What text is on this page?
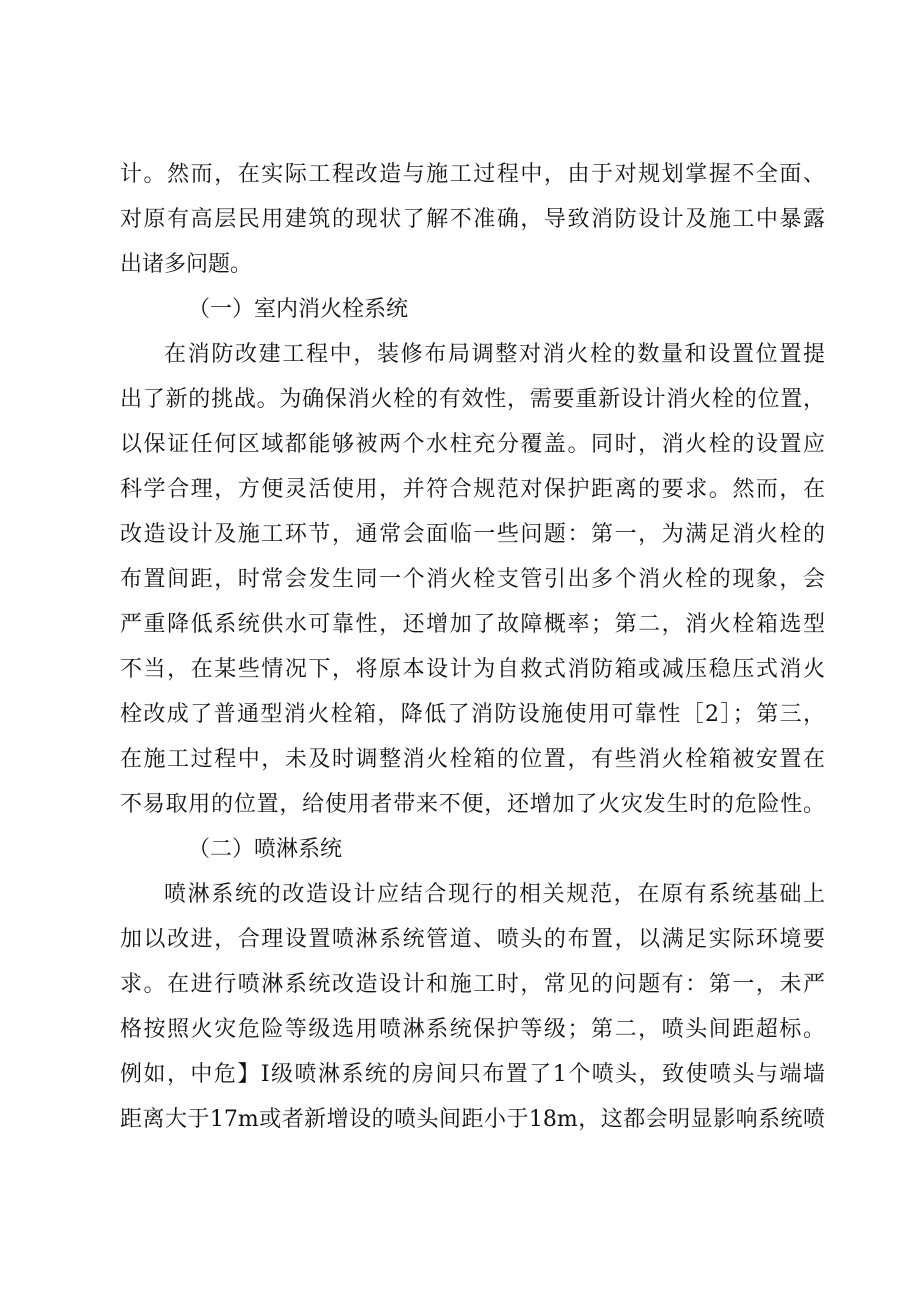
计。然而，在实际工程改造与施工过程中，由于对规划掌握不全面、
对原有高层民用建筑的现状了解不准确，导致消防设计及施工中暴露
出诸多问题。
（一）室内消火栓系统
在消防改建工程中，装修布局调整对消火栓的数量和设置位置提
出了新的挑战。为确保消火栓的有效性，需要重新设计消火栓的位置，
以保证任何区域都能够被两个水柱充分覆盖。同时，消火栓的设置应
科学合理，方便灵活使用，并符合规范对保护距离的要求。然而，在
改造设计及施工环节，通常会面临一些问题：第一，为满足消火栓的
布置间距，时常会发生同一个消火栓支管引出多个消火栓的现象，会
严重降低系统供水可靠性，还增加了故障概率；第二，消火栓箱选型
不当，在某些情况下，将原本设计为自救式消防箱或减压稳压式消火
栓改成了普通型消火栓箱，降低了消防设施使用可靠性［2］；第三，
在施工过程中，未及时调整消火栓箱的位置，有些消火栓箱被安置在
不易取用的位置，给使用者带来不便，还增加了火灾发生时的危险性。
（二）喷淋系统
喷淋系统的改造设计应结合现行的相关规范，在原有系统基础上
加以改进，合理设置喷淋系统管道、喷头的布置，以满足实际环境要
求。在进行喷淋系统改造设计和施工时，常见的问题有：第一，未严
格按照火灾危险等级选用喷淋系统保护等级；第二，喷头间距超标。
例如，中危】I级喷淋系统的房间只布置了1个喷头，致使喷头与端墙
距离大于17m或者新增设的喷头间距小于18m，这都会明显影响系统喷
